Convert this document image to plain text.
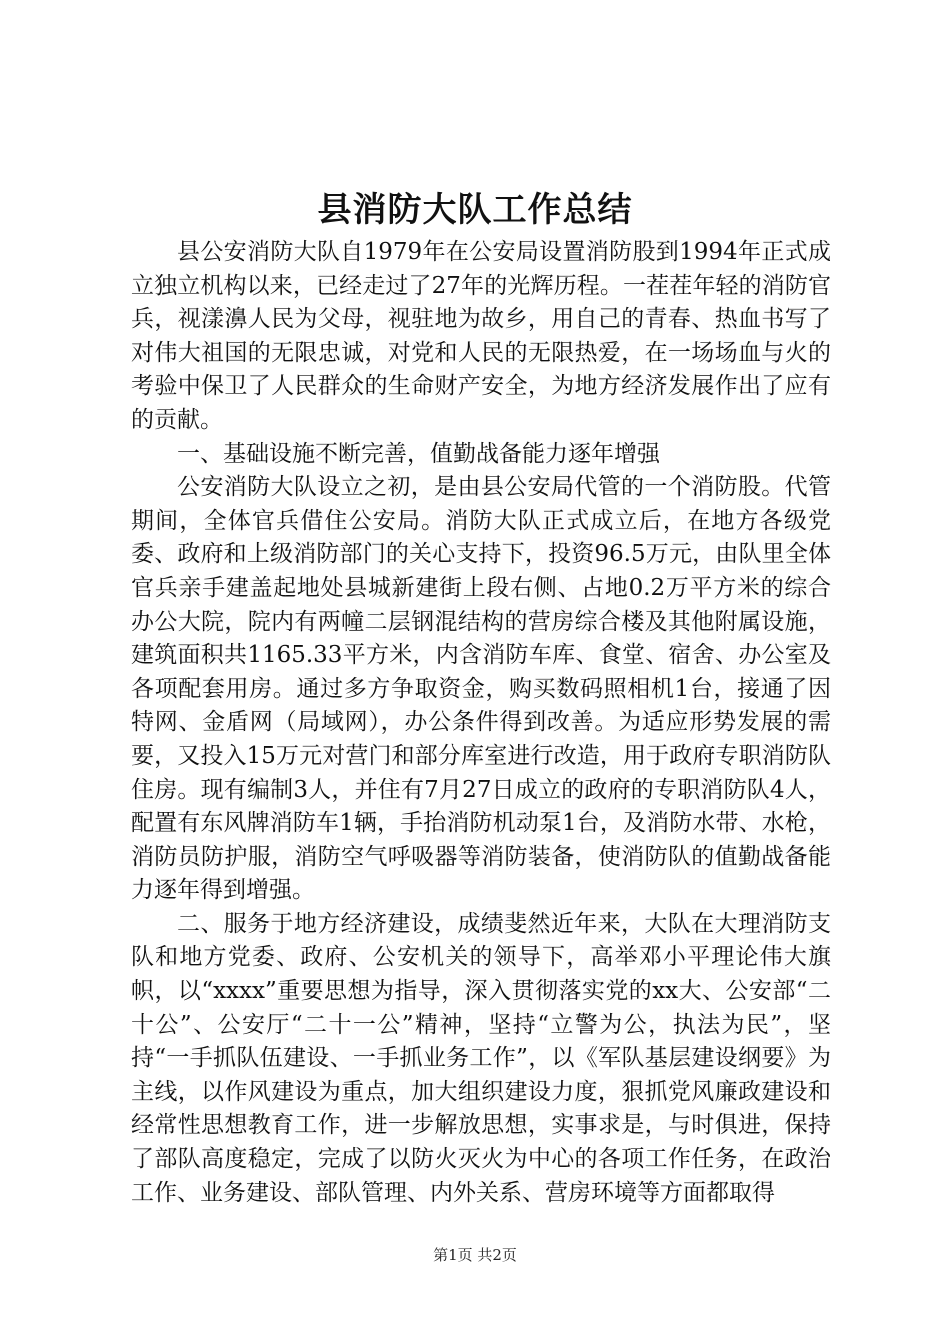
县消防大队工作总结

县公安消防大队自1979年在公安局设置消防股到1994年正式成立独立机构以来，已经走过了27年的光辉历程。一茬茬年轻的消防官兵，视漾濞人民为父母，视驻地为故乡，用自己的青春、热血书写了对伟大祖国的无限忠诚，对党和人民的无限热爱，在一场场血与火的考验中保卫了人民群众的生命财产安全，为地方经济发展作出了应有的贡献。

一、基础设施不断完善，值勤战备能力逐年增强

公安消防大队设立之初，是由县公安局代管的一个消防股。代管期间，全体官兵借住公安局。消防大队正式成立后，在地方各级党委、政府和上级消防部门的关心支持下，投资96.5万元，由队里全体官兵亲手建盖起地处县城新建街上段右侧、占地0.2万平方米的综合办公大院，院内有两幢二层钢混结构的营房综合楼及其他附属设施，建筑面积共1165.33平方米，内含消防车库、食堂、宿舍、办公室及各项配套用房。通过多方争取资金，购买数码照相机1台，接通了因特网、金盾网（局域网），办公条件得到改善。为适应形势发展的需要，又投入15万元对营门和部分库室进行改造，用于政府专职消防队住房。现有编制3人，并住有7月27日成立的政府的专职消防队4人，配置有东风牌消防车1辆，手抬消防机动泵1台，及消防水带、水枪，消防员防护服，消防空气呼吸器等消防装备，使消防队的值勤战备能力逐年得到增强。

二、服务于地方经济建设，成绩斐然近年来，大队在大理消防支队和地方党委、政府、公安机关的领导下，高举邓小平理论伟大旗帜，以“xxxx”重要思想为指导，深入贯彻落实党的xx大、公安部“二十公”、公安厅“二十一公”精神，坚持“立警为公，执法为民”，坚持“一手抓队伍建设、一手抓业务工作”，以《军队基层建设纲要》为主线，以作风建设为重点，加大组织建设力度，狠抓党风廉政建设和经常性思想教育工作，进一步解放思想，实事求是，与时俱进，保持了部队高度稳定，完成了以防火灭火为中心的各项工作任务，在政治工作、业务建设、部队管理、内外关系、营房环境等方面都取得

第1页 共2页
